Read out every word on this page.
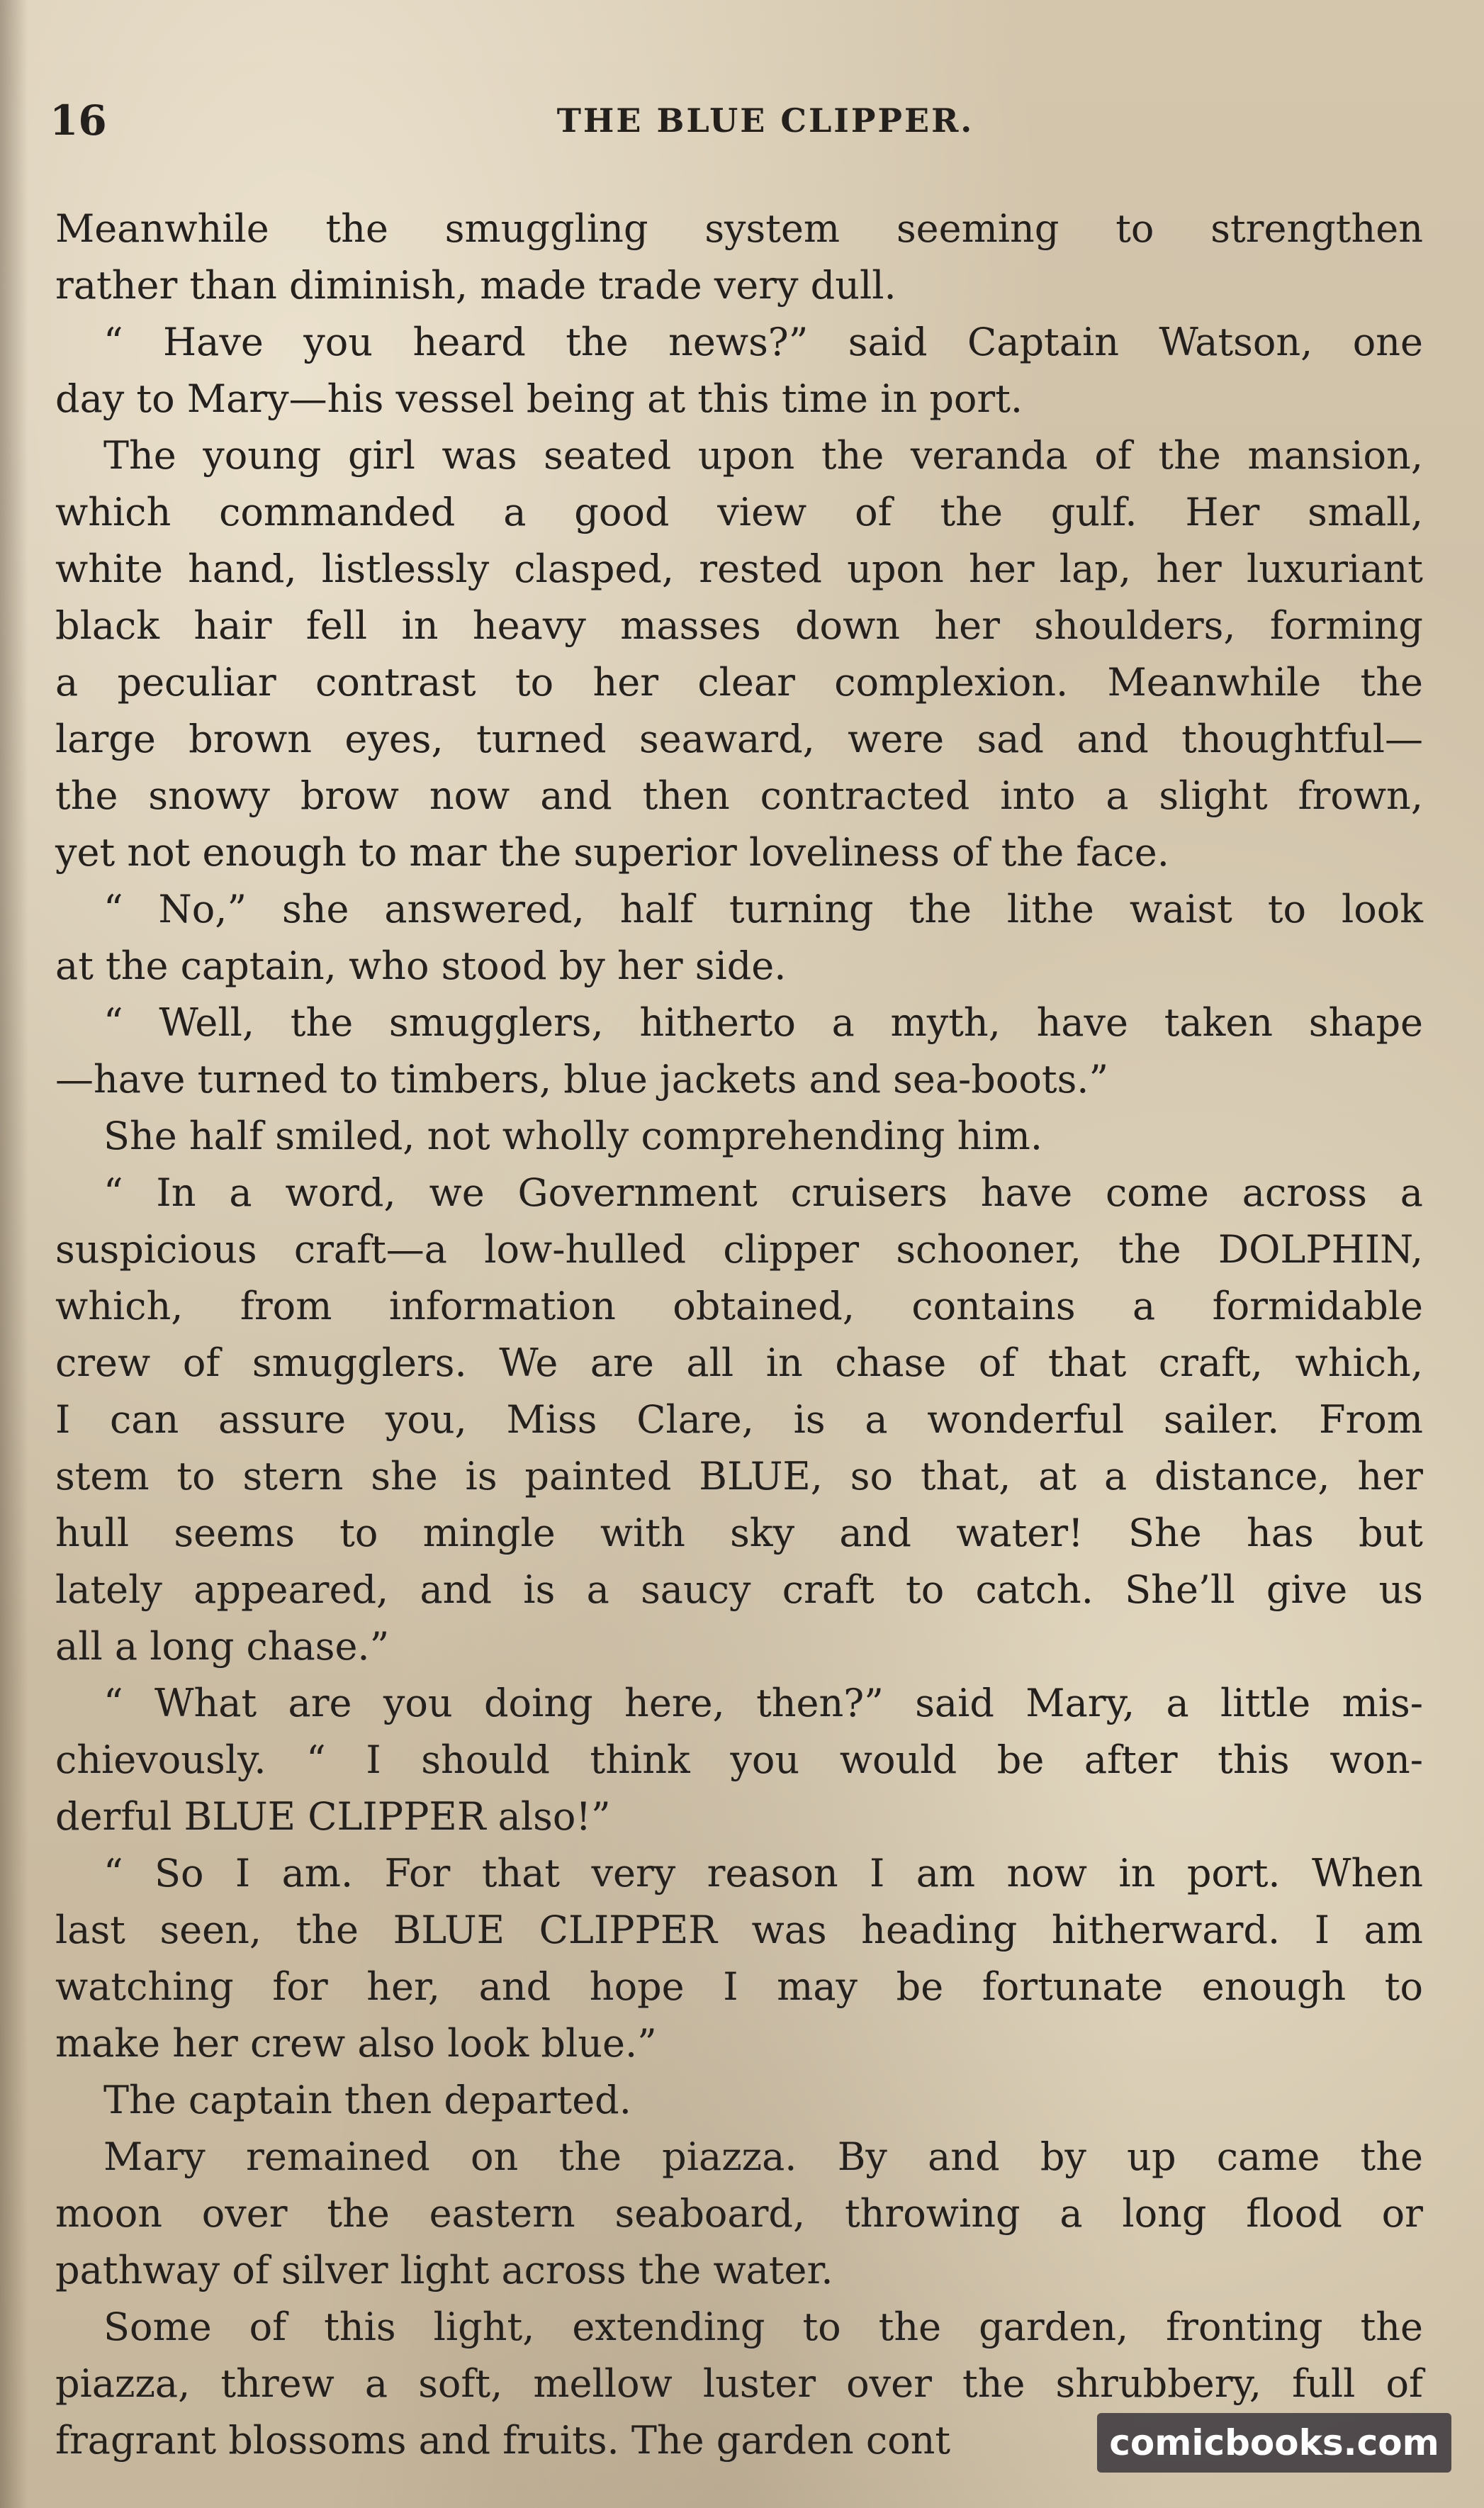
16	THE BLUE CLIPPER.
Meanwhile the smuggling system seeming to strengthen
rather than diminish, made trade very dull.
“ Have you heard the news?” said Captain Watson, one
day to Mary—his vessel being at this time in port.
The young girl was seated upon the veranda of the mansion,
which commanded a good view of the gulf. Her small,
white hand, listlessly clasped, rested upon her lap, her luxuriant
black hair fell in heavy masses down her shoulders, forming
a peculiar contrast to her clear complexion. Meanwhile the
large brown eyes, turned seaward, were sad and thoughtful—
the snowy brow now and then contracted into a slight frown,
yet not enough to mar the superior loveliness of the face.
“ No,” she answered, half turning the lithe waist to look
at the captain, who stood by her side.
“ Well, the smugglers, hitherto a myth, have taken shape
—have turned to timbers, blue jackets and sea-boots.”
She half smiled, not wholly comprehending him.
“ In a word, we Government cruisers have come across a
suspicious craft—a low-hulled clipper schooner, the DOLPHIN,
which, from information obtained, contains a formidable
crew of smugglers. We are all in chase of that craft, which,
I can assure you, Miss Clare, is a wonderful sailer. From
stem to stern she is painted BLUE, so that, at a distance, her
hull seems to mingle with sky and water! She has but
lately appeared, and is a saucy craft to catch. She’ll give us
all a long chase.”
“ What are you doing here, then?” said Mary, a little mis-
chievously. “ I should think you would be after this won-
derful BLUE CLIPPER also!”
“ So I am. For that very reason I am now in port. When
last seen, the BLUE CLIPPER was heading hitherward. I am
watching for her, and hope I may be fortunate enough to
make her crew also look blue.”
The captain then departed.
Mary remained on the piazza. By and by up came the
moon over the eastern seaboard, throwing a long flood or
pathway of silver light across the water.
Some of this light, extending to the garden, fronting the
piazza, threw a soft, mellow luster over the shrubbery, full of
fragrant blossoms and fruits. The garden cont	comicbooks.com
